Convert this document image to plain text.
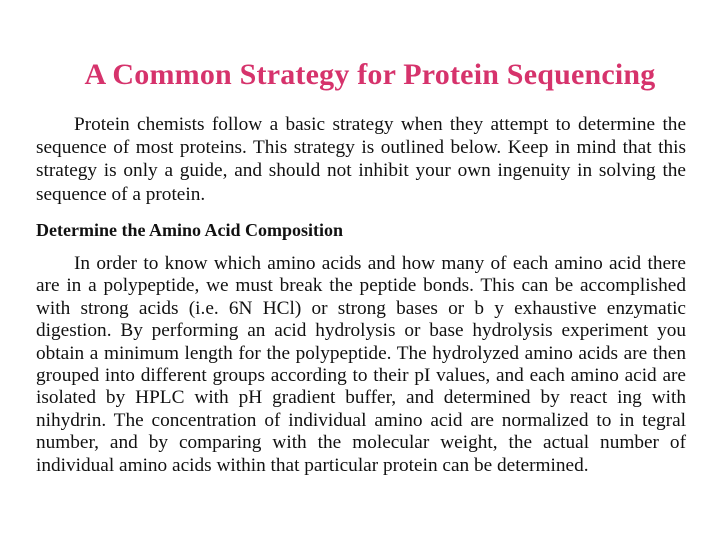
A Common Strategy for Protein Sequencing

Protein chemists follow a basic strategy when they attempt to determine the sequence of most proteins. This strategy is outlined below. Keep in mind that this strategy is only a guide, and should not inhibit your own ingenuity in solving the sequence of a protein.

Determine the Amino Acid Composition

In order to know which amino acids and how many of each amino acid there are in a polypeptide, we must break the peptide bonds. This can be accomplished with strong acids (i.e. 6N HCl) or strong bases or b y exhaustive enzymatic digestion. By performing an acid hydrolysis or base hydrolysis experiment you obtain a minimum length for the polypeptide. The hydrolyzed amino acids are then grouped into different groups according to their pI values, and each amino acid are isolated by HPLC with pH gradient buffer, and determined by react ing with nihydrin. The concentration of individual amino acid are normalized to in tegral number, and by comparing with the molecular weight, the actual number of individual amino acids within that particular protein can be determined.
